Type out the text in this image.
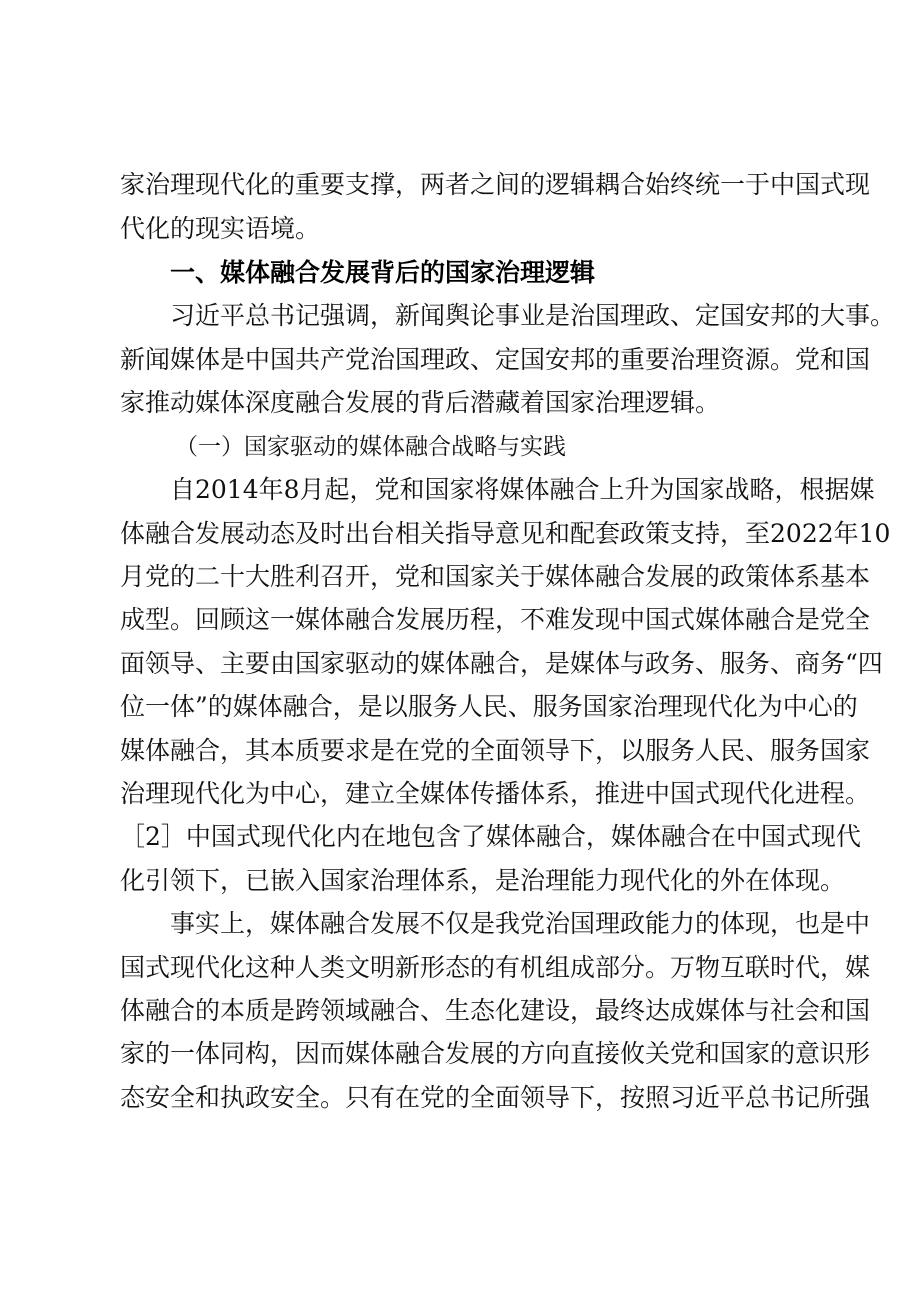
家治理现代化的重要支撑，两者之间的逻辑耦合始终统一于中国式现
代化的现实语境。
一、媒体融合发展背后的国家治理逻辑
习近平总书记强调，新闻舆论事业是治国理政、定国安邦的大事。
新闻媒体是中国共产党治国理政、定国安邦的重要治理资源。党和国
家推动媒体深度融合发展的背后潜藏着国家治理逻辑。
（一）国家驱动的媒体融合战略与实践
自2014年8月起，党和国家将媒体融合上升为国家战略，根据媒
体融合发展动态及时出台相关指导意见和配套政策支持，至2022年10
月党的二十大胜利召开，党和国家关于媒体融合发展的政策体系基本
成型。回顾这一媒体融合发展历程，不难发现中国式媒体融合是党全
面领导、主要由国家驱动的媒体融合，是媒体与政务、服务、商务“四
位一体”的媒体融合，是以服务人民、服务国家治理现代化为中心的
媒体融合，其本质要求是在党的全面领导下，以服务人民、服务国家
治理现代化为中心，建立全媒体传播体系，推进中国式现代化进程。
［2］中国式现代化内在地包含了媒体融合，媒体融合在中国式现代
化引领下，已嵌入国家治理体系，是治理能力现代化的外在体现。
事实上，媒体融合发展不仅是我党治国理政能力的体现，也是中
国式现代化这种人类文明新形态的有机组成部分。万物互联时代，媒
体融合的本质是跨领域融合、生态化建设，最终达成媒体与社会和国
家的一体同构，因而媒体融合发展的方向直接攸关党和国家的意识形
态安全和执政安全。只有在党的全面领导下，按照习近平总书记所强
